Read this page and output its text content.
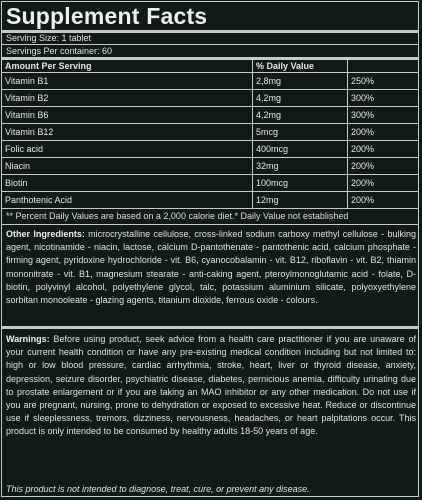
Supplement Facts
Serving Size: 1 tablet
Servings Per container: 60
Amount Per Serving	% Daily Value	
Vitamin B1	2,8mg	250%
Vitamin B2	4,2mg	300%
Vitamin B6	4,2mg	300%
Vitamin B12	5mcg	200%
Folic acid	400mcg	200%
Niacin	32mg	200%
Biotin	100mcg	200%
Panthotenic Acid	12mg	200%
** Percent Daily Values are based on a 2,000 calorie diet.* Daily Value not established
Other Ingredients: microcrystalline cellulose, cross-linked sodium carboxy methyl cellulose - bulking agent, nicotinamide - niacin, lactose, calcium D-pantothenate - pantothenic acid, calcium phosphate - firming agent, pyridoxine hydrochloride - vit. B6, cyanocobalamin - vit. B12, riboflavin - vit. B2, thiamin mononitrate - vit. B1, magnesium stearate - anti-caking agent, pteroylmonoglutamic acid - folate, D-biotin, polyvinyl alcohol, polyethylene glycol, talc, potassium aluminium silicate, polyoxyethylene sorbitan monooleate - glazing agents, titanium dioxide, ferrous oxide - colours.
Warnings: Before using product, seek advice from a health care practitioner if you are unaware of your current health condition or have any pre-existing medical condition including but not limited to: high or low blood pressure, cardiac arrhythmia, stroke, heart, liver or thyroid disease, anxiety, depression, seizure disorder, psychiatric disease, diabetes, pernicious anemia, difficulty urinating due to prostate enlargement or if you are taking an MAO inhibitor or any other medication. Do not use if you are pregnant, nursing, prone to dehydration or exposed to excessive heat. Reduce or discontinue use if sleeplessness, tremors, dizziness, nervousness, headaches, or heart palpitations occur. This product is only intended to be consumed by healthy adults 18-50 years of age.
This product is not intended to diagnose, treat, cure, or prevent any disease.
